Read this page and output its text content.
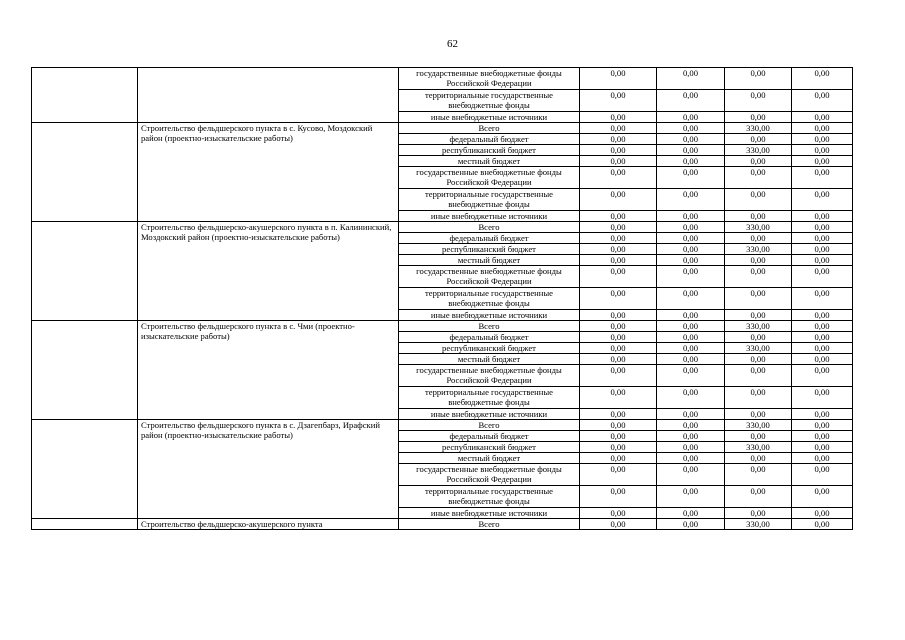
62
		государственные внебюджетные фонды Российской Федерации	0,00	0,00	0,00	0,00
		территориальные государственные внебюджетные фонды	0,00	0,00	0,00	0,00
		иные внебюджетные источники	0,00	0,00	0,00	0,00
	Строительство фельдшерского пункта в с. Кусово, Моздокский район (проектно-изыскательские работы)	Всего	0,00	0,00	330,00	0,00
		федеральный бюджет	0,00	0,00	0,00	0,00
		республиканский бюджет	0,00	0,00	330,00	0,00
		местный бюджет	0,00	0,00	0,00	0,00
		государственные внебюджетные фонды Российской Федерации	0,00	0,00	0,00	0,00
		территориальные государственные внебюджетные фонды	0,00	0,00	0,00	0,00
		иные внебюджетные источники	0,00	0,00	0,00	0,00
	Строительство фельдшерско-акушерского пункта в п. Калининский, Моздокский район (проектно-изыскательские работы)	Всего	0,00	0,00	330,00	0,00
		федеральный бюджет	0,00	0,00	0,00	0,00
		республиканский бюджет	0,00	0,00	330,00	0,00
		местный бюджет	0,00	0,00	0,00	0,00
		государственные внебюджетные фонды Российской Федерации	0,00	0,00	0,00	0,00
		территориальные государственные внебюджетные фонды	0,00	0,00	0,00	0,00
		иные внебюджетные источники	0,00	0,00	0,00	0,00
	Строительство фельдшерского пункта в с. Чми (проектно-изыскательские работы)	Всего	0,00	0,00	330,00	0,00
		федеральный бюджет	0,00	0,00	0,00	0,00
		республиканский бюджет	0,00	0,00	330,00	0,00
		местный бюджет	0,00	0,00	0,00	0,00
		государственные внебюджетные фонды Российской Федерации	0,00	0,00	0,00	0,00
		территориальные государственные внебюджетные фонды	0,00	0,00	0,00	0,00
		иные внебюджетные источники	0,00	0,00	0,00	0,00
	Строительство фельдшерского пункта в с. Дзагепбарз, Ирафский район (проектно-изыскательские работы)	Всего	0,00	0,00	330,00	0,00
		федеральный бюджет	0,00	0,00	0,00	0,00
		республиканский бюджет	0,00	0,00	330,00	0,00
		местный бюджет	0,00	0,00	0,00	0,00
		государственные внебюджетные фонды Российской Федерации	0,00	0,00	0,00	0,00
		территориальные государственные внебюджетные фонды	0,00	0,00	0,00	0,00
		иные внебюджетные источники	0,00	0,00	0,00	0,00
	Строительство фельдшерско-акушерского пункта	Всего	0,00	0,00	330,00	0,00
